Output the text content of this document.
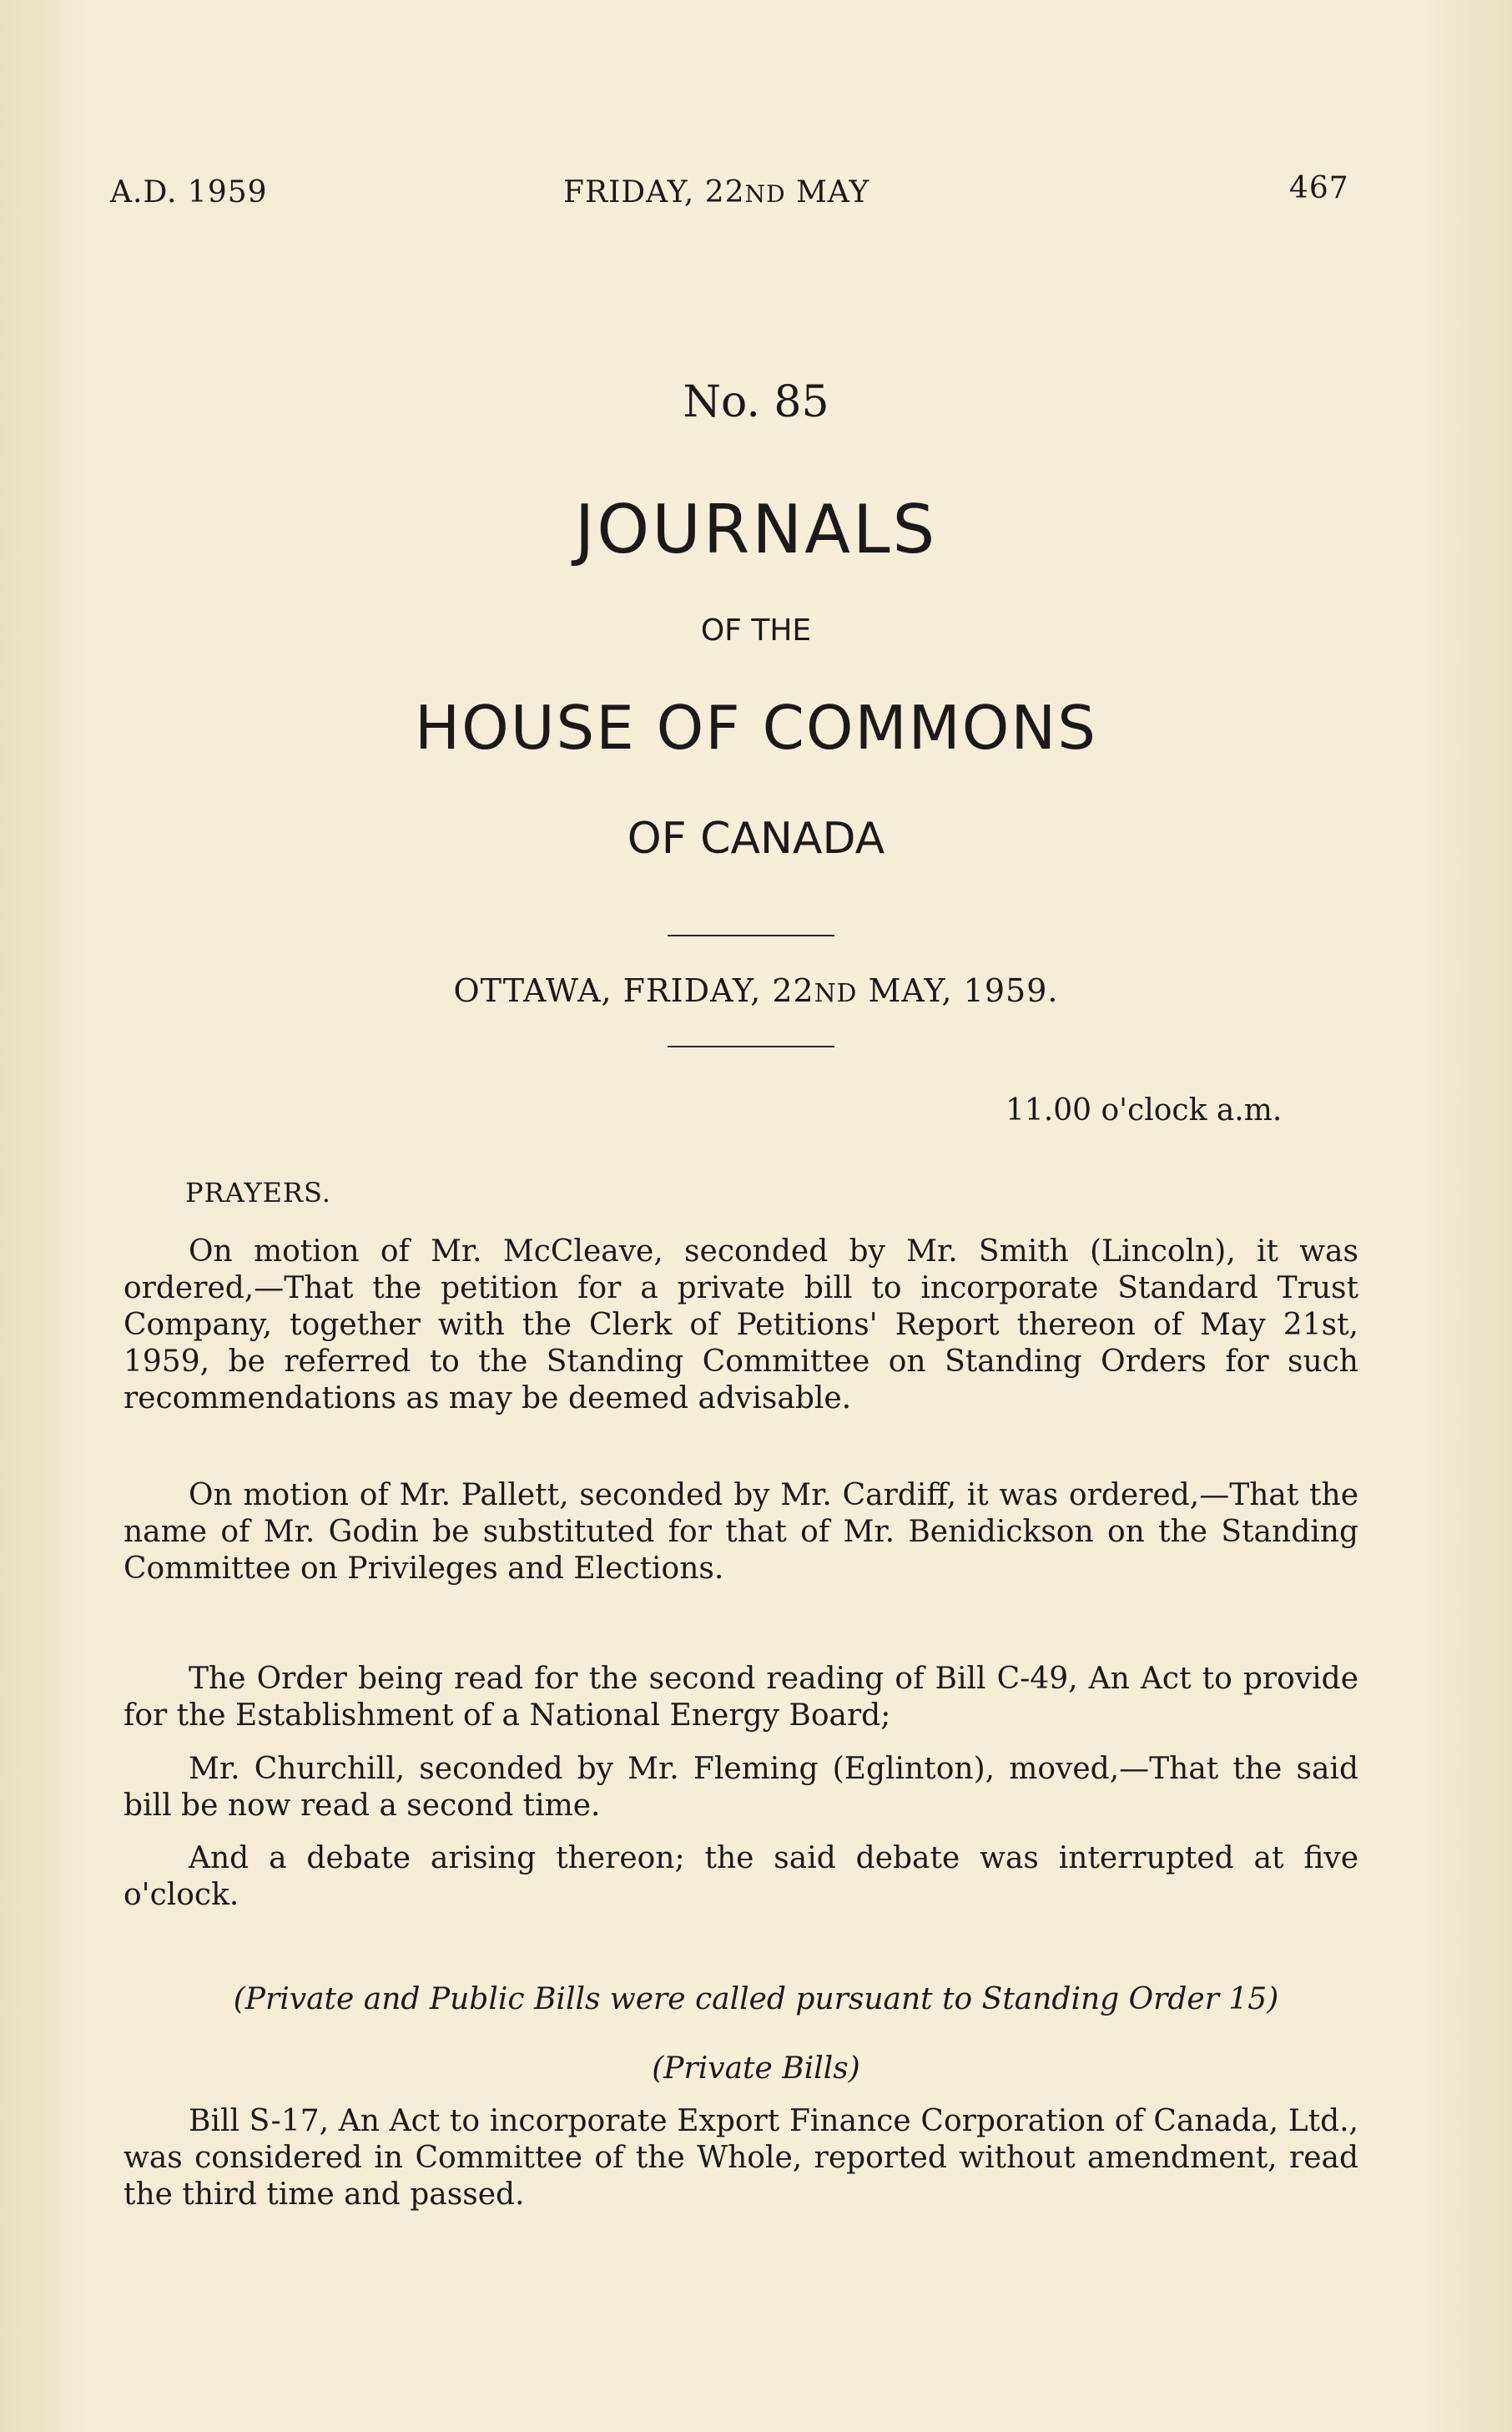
A.D. 1959	FRIDAY, 22ND MAY	467
No. 85
JOURNALS
OF THE
HOUSE OF COMMONS
OF CANADA
OTTAWA, FRIDAY, 22ND MAY, 1959.
11.00 o'clock a.m.
PRAYERS.
On motion of Mr. McCleave, seconded by Mr. Smith (Lincoln), it was ordered,—That the petition for a private bill to incorporate Standard Trust Company, together with the Clerk of Petitions' Report thereon of May 21st, 1959, be referred to the Standing Committee on Standing Orders for such recommendations as may be deemed advisable.
On motion of Mr. Pallett, seconded by Mr. Cardiff, it was ordered,—That the name of Mr. Godin be substituted for that of Mr. Benidickson on the Standing Committee on Privileges and Elections.
The Order being read for the second reading of Bill C-49, An Act to provide for the Establishment of a National Energy Board;
Mr. Churchill, seconded by Mr. Fleming (Eglinton), moved,—That the said bill be now read a second time.
And a debate arising thereon; the said debate was interrupted at five o'clock.
(Private and Public Bills were called pursuant to Standing Order 15)
(Private Bills)
Bill S-17, An Act to incorporate Export Finance Corporation of Canada, Ltd., was considered in Committee of the Whole, reported without amendment, read the third time and passed.
